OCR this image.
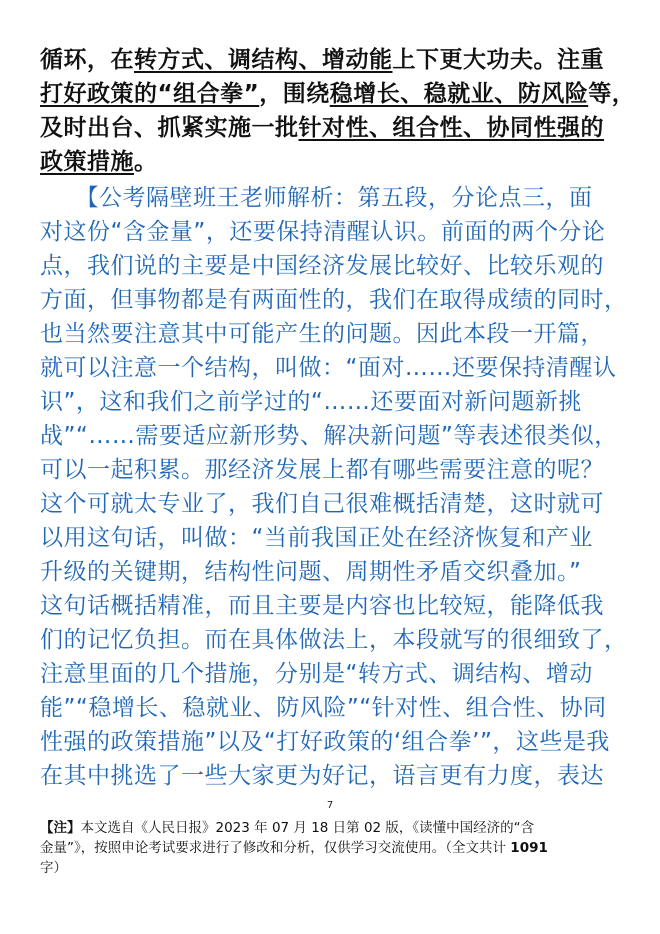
循环，在转方式、调结构、增动能上下更大功夫。注重
打好政策的“组合拳”，围绕稳增长、稳就业、防风险等，
及时出台、抓紧实施一批针对性、组合性、协同性强的
政策措施。
　　【公考隔壁班王老师解析：第五段，分论点三，面
对这份“含金量”，还要保持清醒认识。前面的两个分论
点，我们说的主要是中国经济发展比较好、比较乐观的
方面，但事物都是有两面性的，我们在取得成绩的同时，
也当然要注意其中可能产生的问题。因此本段一开篇，
就可以注意一个结构，叫做：“面对……还要保持清醒认
识”，这和我们之前学过的“……还要面对新问题新挑
战”“……需要适应新形势、解决新问题”等表述很类似，
可以一起积累。那经济发展上都有哪些需要注意的呢？
这个可就太专业了，我们自己很难概括清楚，这时就可
以用这句话，叫做：“当前我国正处在经济恢复和产业
升级的关键期，结构性问题、周期性矛盾交织叠加。”
这句话概括精准，而且主要是内容也比较短，能降低我
们的记忆负担。而在具体做法上，本段就写的很细致了，
注意里面的几个措施，分别是“转方式、调结构、增动
能”“稳增长、稳就业、防风险”“针对性、组合性、协同
性强的政策措施”以及“打好政策的‘组合拳’”，这些是我
在其中挑选了一些大家更为好记，语言更有力度，表达
7
【注】本文选自《人民日报》2023 年 07 月 18 日第 02 版，《读懂中国经济的“含
金量”》，按照申论考试要求进行了修改和分析，仅供学习交流使用。（全文共计 1091
字）
